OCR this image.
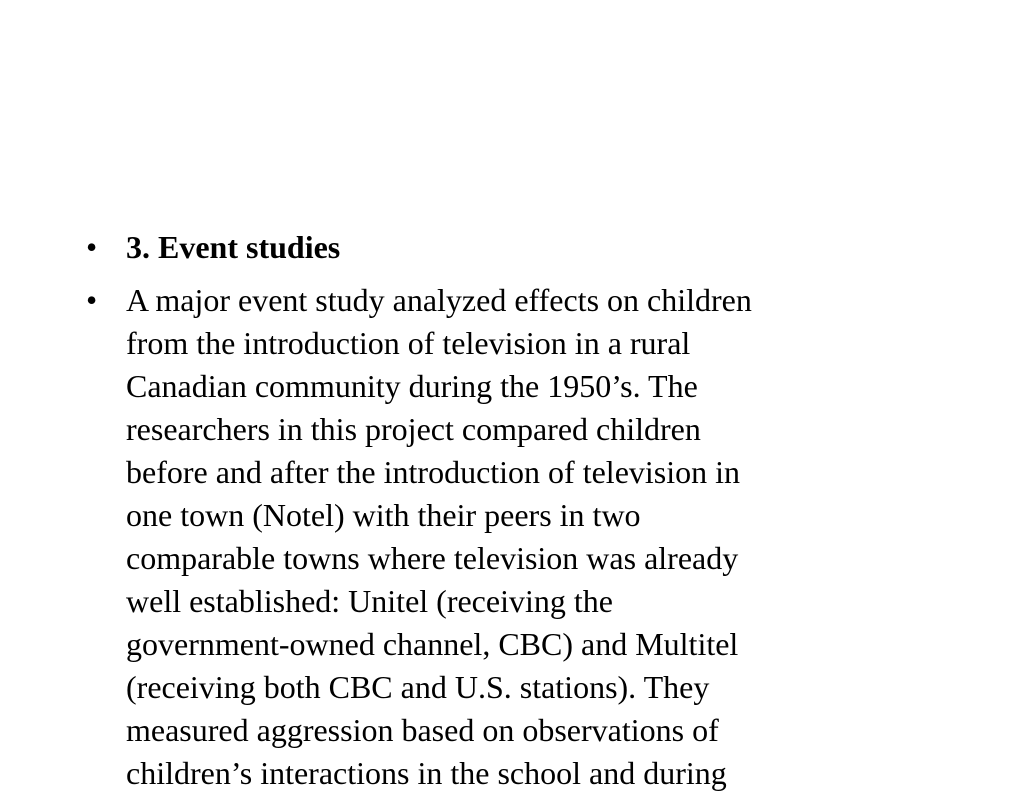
• 3. Event studies
• A major event study analyzed effects on children
from the introduction of television in a rural
Canadian community during the 1950’s. The
researchers in this project compared children
before and after the introduction of television in
one town (Notel) with their peers in two
comparable towns where television was already
well established: Unitel (receiving the
government-owned channel, CBC) and Multitel
(receiving both CBC and U.S. stations). They
measured aggression based on observations of
children’s interactions in the school and during
